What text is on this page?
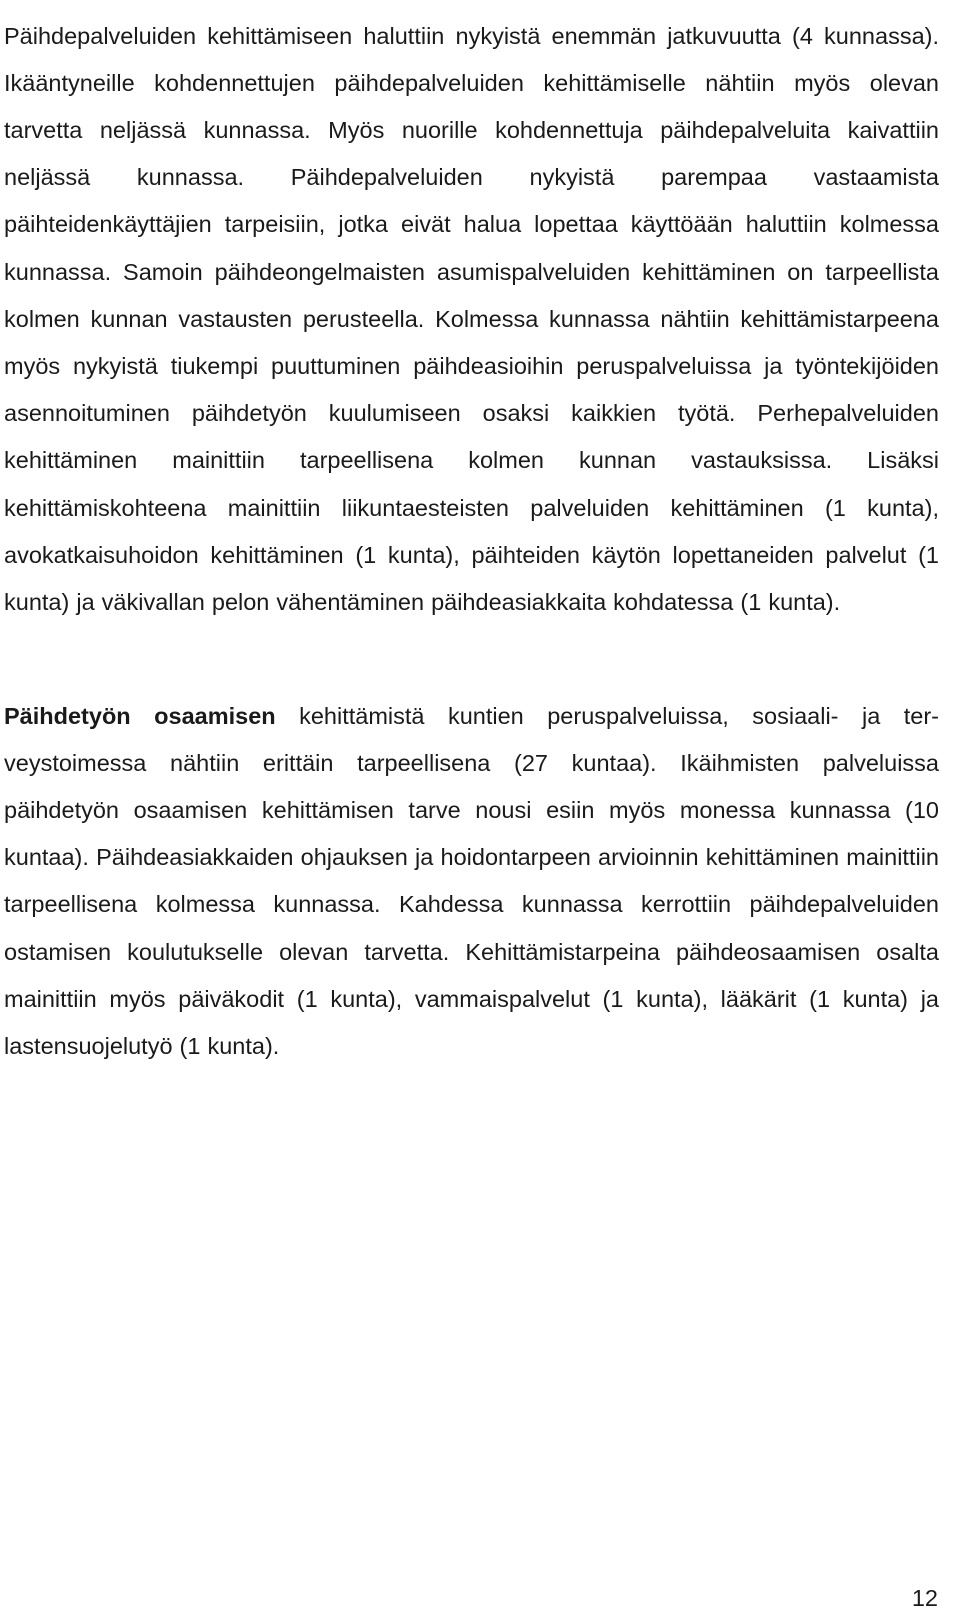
Päihdepalveluiden kehittämiseen haluttiin nykyistä enemmän jatkuvuutta (4 kunnassa). Ikääntyneille kohdennettujen päihdepalveluiden kehittämiselle nähtiin myös olevan tarvetta neljässä kunnassa. Myös nuorille kohdennettuja päihdepalveluita kaivattiin neljässä kunnassa. Päihdepalveluiden nykyistä parempaa vastaamista päihteidenkäyttäjien tarpeisiin, jotka eivät halua lopettaa käyttöään haluttiin kolmessa kunnassa. Samoin päihdeongelmaisten asumispalveluiden kehittäminen on tarpeellista kolmen kunnan vastausten perusteella. Kolmessa kunnassa nähtiin kehittämistarpeena myös nykyistä tiukempi puuttuminen päihdeasioihin peruspalveluissa ja työntekijöiden asennoituminen päihdetyön kuulumiseen osaksi kaikkien työtä. Perhepalveluiden kehittäminen mainittiin tarpeellisena kolmen kunnan vastauksissa. Lisäksi kehittämiskohteena mainittiin liikuntaesteisten palveluiden kehittäminen (1 kunta), avokatkaisuhoidon kehittäminen (1 kunta), päihteiden käytön lopettaneiden palvelut (1 kunta) ja väkivallan pelon vähentäminen päihdeasiakkaita kohdatessa (1 kunta).

Päihdetyön osaamisen kehittämistä kuntien peruspalveluissa, sosiaali- ja terveystoimessa nähtiin erittäin tarpeellisena (27 kuntaa). Ikäihmisten palveluissa päihdetyön osaamisen kehittämisen tarve nousi esiin myös monessa kunnassa (10 kuntaa). Päihdeasiakkaiden ohjauksen ja hoidontarpeen arvioinnin kehittäminen mainittiin tarpeellisena kolmessa kunnassa. Kahdessa kunnassa kerrottiin päihdepalveluiden ostamisen koulutukselle olevan tarvetta. Kehittämistarpeina päihdeosaamisen osalta mainittiin myös päiväkodit (1 kunta), vammaispalvelut (1 kunta), lääkärit (1 kunta) ja lastensuojelutyö (1 kunta).

12
